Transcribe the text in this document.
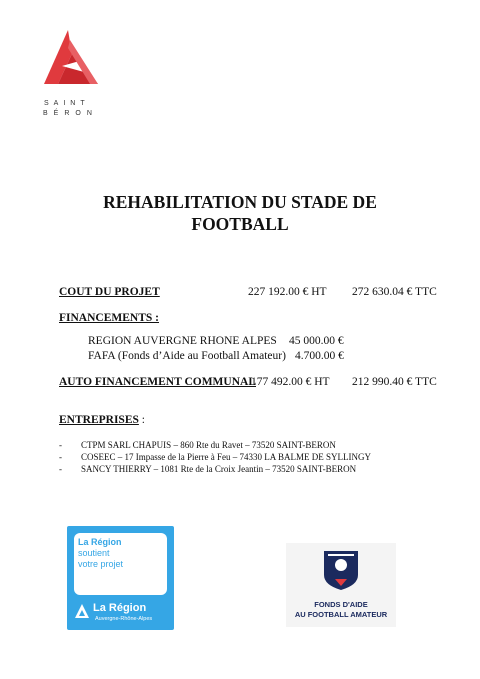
SAINT
BÉRON
REHABILITATION DU STADE DE
FOOTBALL
COUT DU PROJET	227 192.00 € HT 272 630.04 € TTC
FINANCEMENTS :
REGION AUVERGNE RHONE ALPES 45 000.00 €
FAFA (Fonds d’Aide au Football Amateur) 4.700.00 €
AUTO FINANCEMENT COMMUNAL
177 492.00 € HT 212 990.40 € TTC
ENTREPRISES :
- CTPM SARL CHAPUIS – 860 Rte du Ravet – 73520 SAINT-BERON
- COSEEC – 17 Impasse de la Pierre à Feu – 74330 LA BALME DE SYLLINGY
- SANCY THIERRY – 1081 Rte de la Croix Jeantin – 73520 SAINT-BERON
La Région
soutient
votre projet
La Région
Auvergne-Rhône-Alpes
FONDS D'AIDE
AU FOOTBALL AMATEUR
